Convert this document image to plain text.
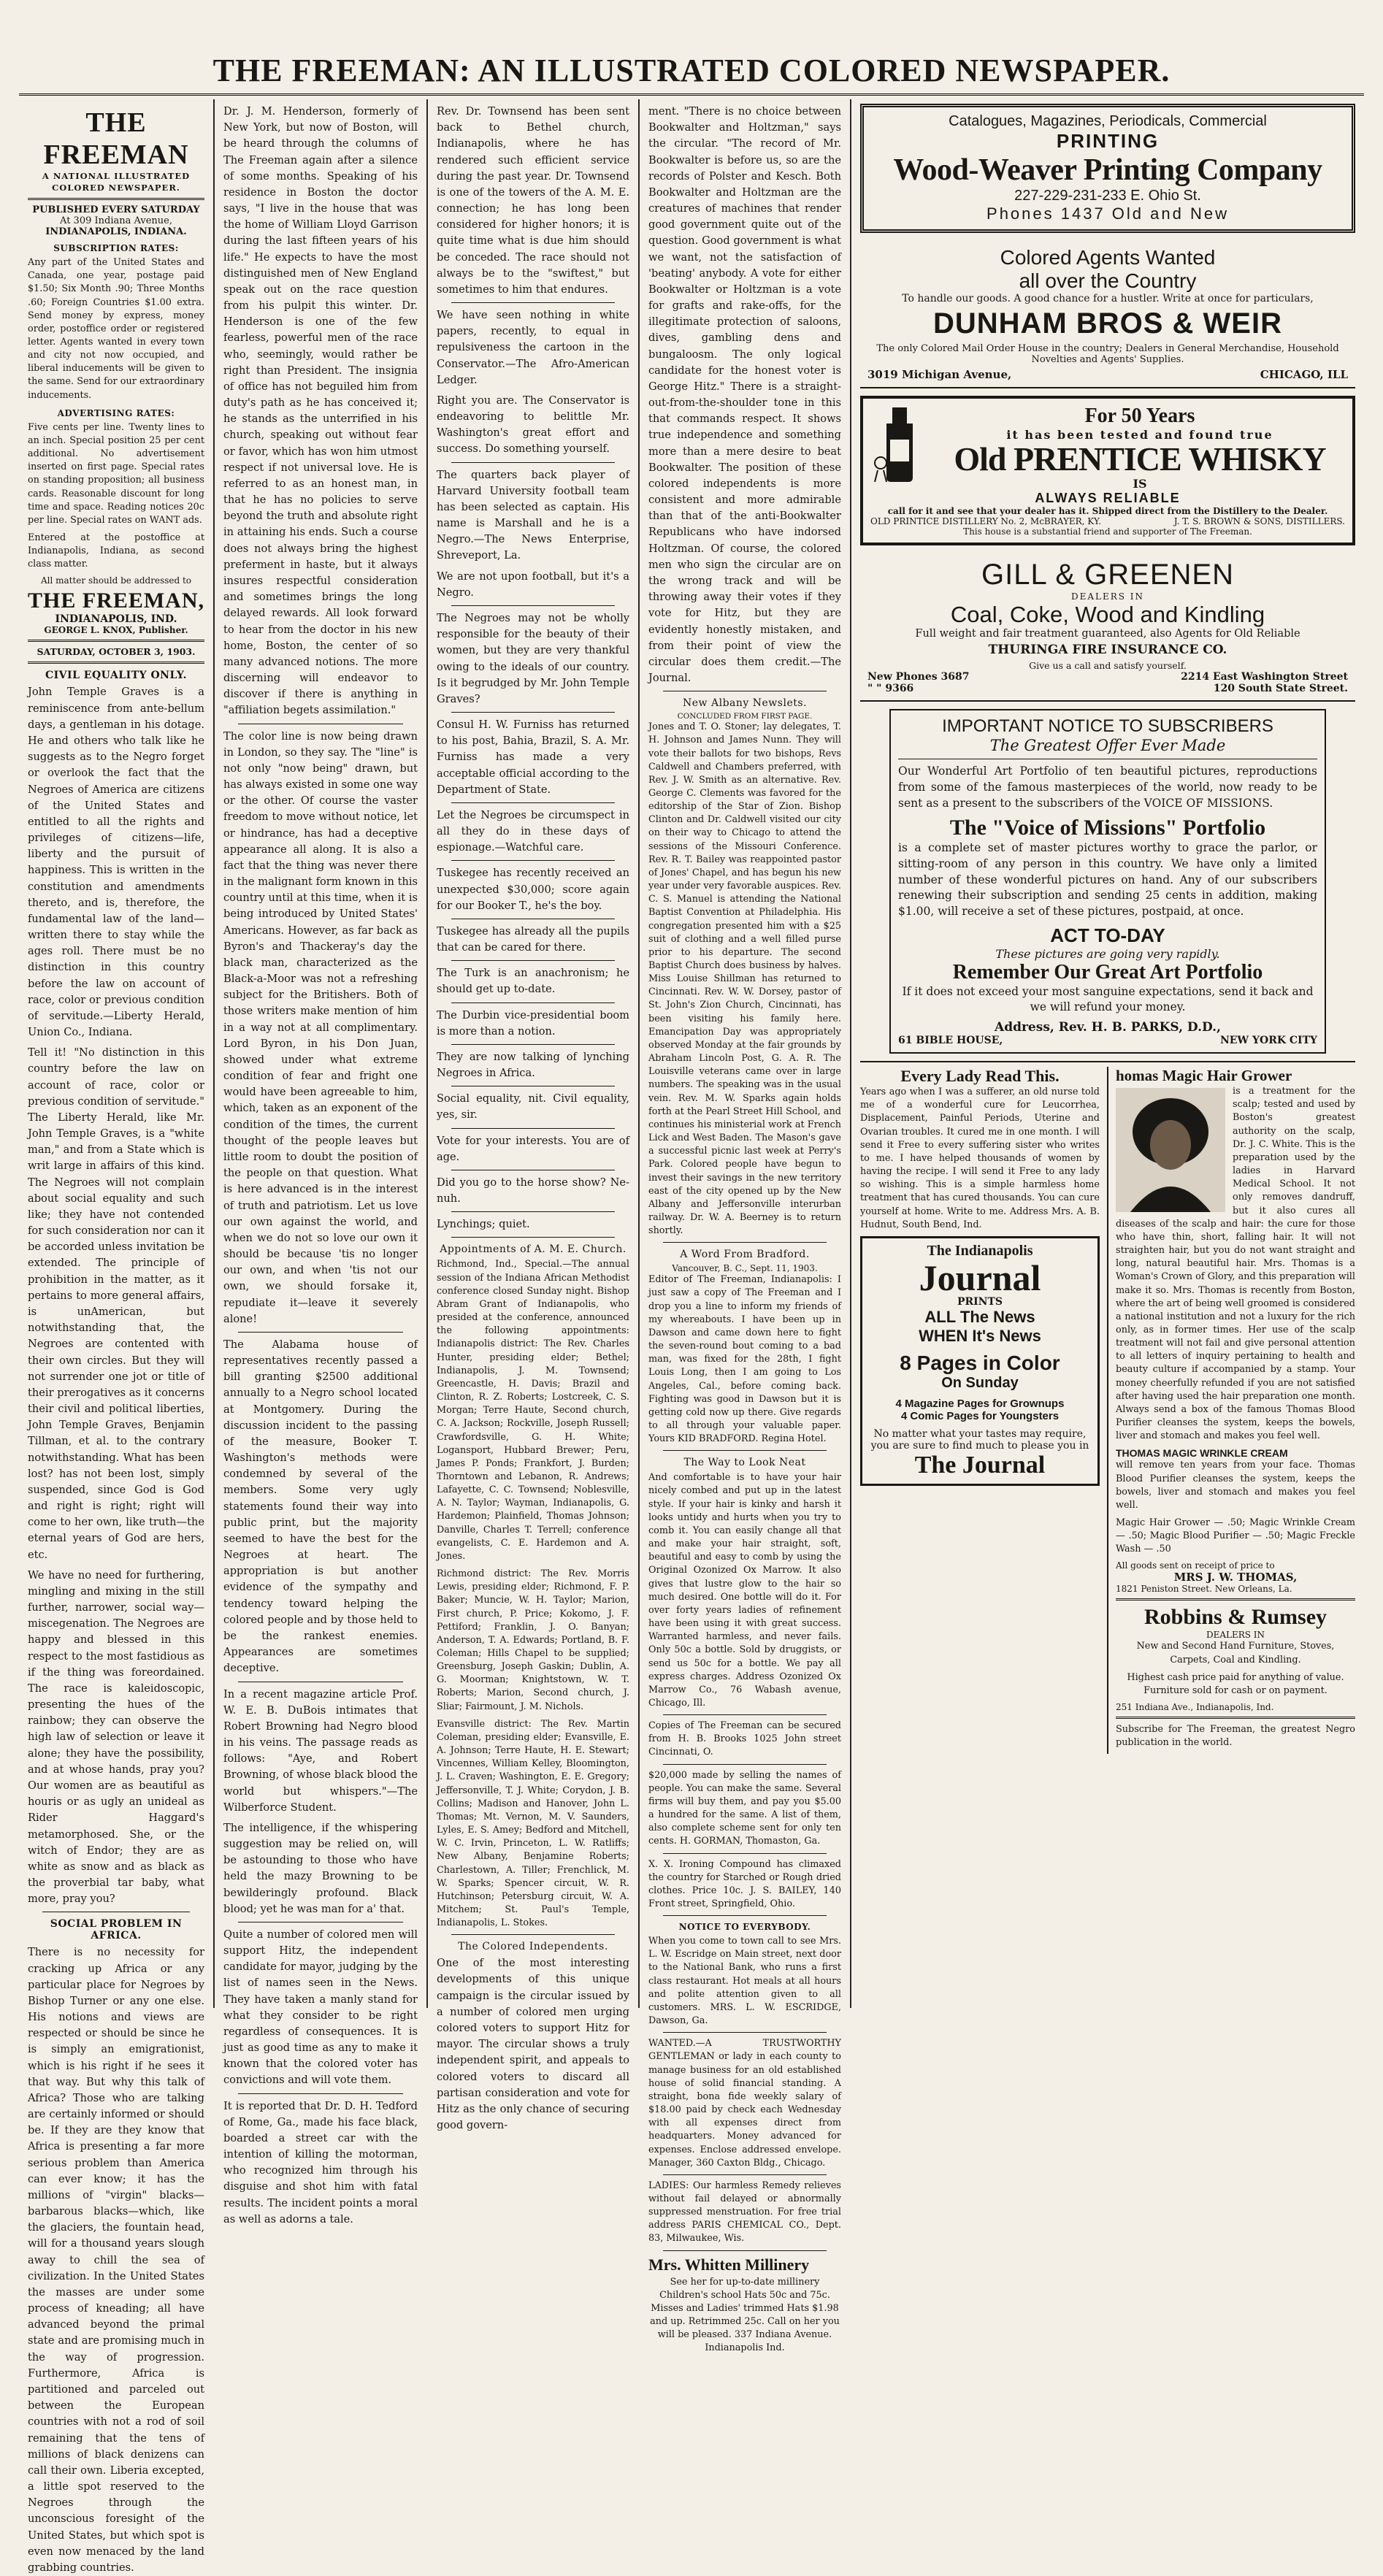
THE FREEMAN: AN ILLUSTRATED COLORED NEWSPAPER.
THE FREEMAN
A NATIONAL ILLUSTRATED
COLORED NEWSPAPER.
PUBLISHED EVERY SATURDAY
At 309 Indiana Avenue,
INDIANAPOLIS, INDIANA.
SUBSCRIPTION RATES:

Any part of the United States and Canada, one year, postage paid $1.50; Six Month .90; Three Months .60; Foreign Countries $1.00 extra. Send money by express, money order, postoffice order or registered letter. Agents wanted in every town and city not now occupied, and liberal inducements will be given to the same. Send for our extraordinary inducements.

ADVERTISING RATES:

Five cents per line. Twenty lines to an inch. Special position 25 per cent additional. No advertisement inserted on first page. Special rates on standing proposition; all business cards. Reasonable discount for long time and space. Reading notices 20c per line. Special rates on WANT ads.

Entered at the postoffice at Indianapolis, Indiana, as second class matter.

All matter should be addressed to
THE FREEMAN,
INDIANAPOLIS, IND.
GEORGE L. KNOX, Publisher.
SATURDAY, OCTOBER 3, 1903.
CIVIL EQUALITY ONLY.

John Temple Graves is a reminiscence from ante-bellum days, a gentleman in his dotage. He and others who talk like he suggests as to the Negro forget or overlook the fact that the Negroes of America are citizens of the United States and entitled to all the rights and privileges of citizens—life, liberty and the pursuit of happiness. This is written in the constitution and amendments thereto, and is, therefore, the fundamental law of the land—written there to stay while the ages roll. There must be no distinction in this country before the law on account of race, color or previous condition of servitude.—Liberty Herald, Union Co., Indiana.

Tell it! "No distinction in this country before the law on account of race, color or previous condition of servitude." The Liberty Herald, like Mr. John Temple Graves, is a "white man," and from a State which is writ large in affairs of this kind. The Negroes will not complain about social equality and such like; they have not contended for such consideration nor can it be accorded unless invitation be extended. The principle of prohibition in the matter, as it pertains to more general affairs, is unAmerican, but notwithstanding that, the Negroes are contented with their own circles. But they will not surrender one jot or title of their prerogatives as it concerns their civil and political liberties, John Temple Graves, Benjamin Tillman, et al. to the contrary notwithstanding. What has been lost? has not been lost, simply suspended, since God is God and right is right; right will come to her own, like truth—the eternal years of God are hers, etc.

We have no need for furthering, mingling and mixing in the still further, narrower, social way—miscegenation. The Negroes are happy and blessed in this respect to the most fastidious as if the thing was foreordained. The race is kaleidoscopic, presenting the hues of the rainbow; they can observe the high law of selection or leave it alone; they have the possibility, and at whose hands, pray you? Our women are as beautiful as houris or as ugly an unideal as Rider Haggard's metamorphosed. She, or the witch of Endor; they are as white as snow and as black as the proverbial tar baby, what more, pray you?

SOCIAL PROBLEM IN AFRICA.

There is no necessity for cracking up Africa or any particular place for Negroes by Bishop Turner or any one else. His notions and views are respected or should be since he is simply an emigrationist, which is his right if he sees it that way. But why this talk of Africa? Those who are talking are certainly informed or should be. If they are they know that Africa is presenting a far more serious problem than America can ever know; it has the millions of "virgin" blacks—barbarous blacks—which, like the glaciers, the fountain head, will for a thousand years slough away to chill the sea of civilization. In the United States the masses are under some process of kneading; all have advanced beyond the primal state and are promising much in the way of progression. Furthermore, Africa is partitioned and parceled out between the European countries with not a rod of soil remaining that the tens of millions of black denizens can call their own. Liberia excepted, a little spot reserved to the Negroes through the unconscious foresight of the United States, but which spot is even now menaced by the land grabbing countries.

Dr. J. M. Henderson, formerly of New York, but now of Boston, will be heard through the columns of The Freeman again after a silence of some months. Speaking of his residence in Boston the doctor says, "I live in the house that was the home of William Lloyd Garrison during the last fifteen years of his life." He expects to have the most distinguished men of New England speak out on the race question from his pulpit this winter. Dr. Henderson is one of the few fearless, powerful men of the race who, seemingly, would rather be right than President. The insignia of office has not beguiled him from duty's path as he has conceived it; he stands as the unterrified in his church, speaking out without fear or favor, which has won him utmost respect if not universal love. He is referred to as an honest man, in that he has no policies to serve beyond the truth and absolute right in attaining his ends. Such a course does not always bring the highest preferment in haste, but it always insures respectful consideration and sometimes brings the long delayed rewards. All look forward to hear from the doctor in his new home, Boston, the center of so many advanced notions. The more discerning will endeavor to discover if there is anything in "affiliation begets assimilation."

The color line is now being drawn in London, so they say. The "line" is not only "now being" drawn, but has always existed in some one way or the other. Of course the vaster freedom to move without notice, let or hindrance, has had a deceptive appearance all along. It is also a fact that the thing was never there in the malignant form known in this country until at this time, when it is being introduced by United States' Americans. However, as far back as Byron's and Thackeray's day the black man, characterized as the Black-a-Moor was not a refreshing subject for the Britishers. Both of those writers make mention of him in a way not at all complimentary. Lord Byron, in his Don Juan, showed under what extreme condition of fear and fright one would have been agreeable to him, which, taken as an exponent of the condition of the times, the current thought of the people leaves but little room to doubt the position of the people on that question. What is here advanced is in the interest of truth and patriotism. Let us love our own against the world, and when we do not so love our own it should be because 'tis no longer our own, and when 'tis not our own, we should forsake it, repudiate it—leave it severely alone!

The Alabama house of representatives recently passed a bill granting $2500 additional annually to a Negro school located at Montgomery. During the discussion incident to the passing of the measure, Booker T. Washington's methods were condemned by several of the members. Some very ugly statements found their way into public print, but the majority seemed to have the best for the Negroes at heart. The appropriation is but another evidence of the sympathy and tendency toward helping the colored people and by those held to be the rankest enemies. Appearances are sometimes deceptive.

In a recent magazine article Prof. W. E. B. DuBois intimates that Robert Browning had Negro blood in his veins. The passage reads as follows: "Aye, and Robert Browning, of whose black blood the world but whispers."—The Wilberforce Student.

The intelligence, if the whispering suggestion may be relied on, will be astounding to those who have held the mazy Browning to be bewilderingly profound. Black blood; yet he was man for a' that.

Quite a number of colored men will support Hitz, the independent candidate for mayor, judging by the list of names seen in the News. They have taken a manly stand for what they consider to be right regardless of consequences. It is just as good time as any to make it known that the colored voter has convictions and will vote them.

It is reported that Dr. D. H. Tedford of Rome, Ga., made his face black, boarded a street car with the intention of killing the motorman, who recognized him through his disguise and shot him with fatal results. The incident points a moral as well as adorns a tale.

Rev. Dr. Townsend has been sent back to Bethel church, Indianapolis, where he has rendered such efficient service during the past year. Dr. Townsend is one of the towers of the A. M. E. connection; he has long been considered for higher honors; it is quite time what is due him should be conceded. The race should not always be to the "swiftest," but sometimes to him that endures.

We have seen nothing in white papers, recently, to equal in repulsiveness the cartoon in the Conservator.—The Afro-American Ledger.

Right you are. The Conservator is endeavoring to belittle Mr. Washington's great effort and success. Do something yourself.

The quarters back player of Harvard University football team has been selected as captain. His name is Marshall and he is a Negro.—The News Enterprise, Shreveport, La.

We are not upon football, but it's a Negro.

The Negroes may not be wholly responsible for the beauty of their women, but they are very thankful owing to the ideals of our country. Is it begrudged by Mr. John Temple Graves?

Consul H. W. Furniss has returned to his post, Bahia, Brazil, S. A. Mr. Furniss has made a very acceptable official according to the Department of State.

Let the Negroes be circumspect in all they do in these days of espionage.—Watchful care.

Tuskegee has recently received an unexpected $30,000; score again for our Booker T., he's the boy.

Tuskegee has already all the pupils that can be cared for there.

The Turk is an anachronism; he should get up to-date.

The Durbin vice-presidential boom is more than a notion.

They are now talking of lynching Negroes in Africa.

Social equality, nit. Civil equality, yes, sir.

Vote for your interests. You are of age.

Did you go to the horse show? Ne-nuh.

Lynchings; quiet.

Appointments of A. M. E. Church.

Richmond, Ind., Special.—The annual session of the Indiana African Methodist conference closed Sunday night. Bishop Abram Grant of Indianapolis, who presided at the conference, announced the following appointments: Indianapolis district: The Rev. Charles Hunter, presiding elder; Bethel; Indianapolis, J. M. Townsend; Greencastle, H. Davis; Brazil and Clinton, R. Z. Roberts; Lostcreek, C. S. Morgan; Terre Haute, Second church, C. A. Jackson; Rockville, Joseph Russell; Crawfordsville, G. H. White; Logansport, Hubbard Brewer; Peru, James P. Ponds; Frankfort, J. Burden; Thorntown and Lebanon, R. Andrews; Lafayette, C. C. Townsend; Noblesville, A. N. Taylor; Wayman, Indianapolis, G. Hardemon; Plainfield, Thomas Johnson; Danville, Charles T. Terrell; conference evangelists, C. E. Hardemon and A. Jones.

Richmond district: The Rev. Morris Lewis, presiding elder; Richmond, F. P. Baker; Muncie, W. H. Taylor; Marion, First church, P. Price; Kokomo, J. F. Pettiford; Franklin, J. O. Banyan; Anderson, T. A. Edwards; Portland, B. F. Coleman; Hills Chapel to be supplied; Greensburg, Joseph Gaskin; Dublin, A. G. Moorman; Knightstown, W. T. Roberts; Marion, Second church, J. Sliar; Fairmount, J. M. Nichols.

Evansville district: The Rev. Martin Coleman, presiding elder; Evansville, E. A. Johnson; Terre Haute, H. E. Stewart; Vincennes, William Kelley, Bloomington, J. L. Craven; Washington, E. E. Gregory; Jeffersonville, T. J. White; Corydon, J. B. Collins; Madison and Hanover, John L. Thomas; Mt. Vernon, M. V. Saunders, Lyles, E. S. Amey; Bedford and Mitchell, W. C. Irvin, Princeton, L. W. Ratliffs; New Albany, Benjamine Roberts; Charlestown, A. Tiller; Frenchlick, M. W. Sparks; Spencer circuit, W. R. Hutchinson; Petersburg circuit, W. A. Mitchem; St. Paul's Temple, Indianapolis, L. Stokes.

The Colored Independents.

One of the most interesting developments of this unique campaign is the circular issued by a number of colored men urging colored voters to support Hitz for mayor. The circular shows a truly independent spirit, and appeals to colored voters to discard all partisan consideration and vote for Hitz as the only chance of securing good govern-

ment. "There is no choice between Bookwalter and Holtzman," says the circular. "The record of Mr. Bookwalter is before us, so are the records of Polster and Kesch. Both Bookwalter and Holtzman are the creatures of machines that render good government quite out of the question. Good government is what we want, not the satisfaction of 'beating' anybody. A vote for either Bookwalter or Holtzman is a vote for grafts and rake-offs, for the illegitimate protection of saloons, dives, gambling dens and bungaloosm. The only logical candidate for the honest voter is George Hitz." There is a straight-out-from-the-shoulder tone in this that commands respect. It shows true independence and something more than a mere desire to beat Bookwalter. The position of these colored independents is more consistent and more admirable than that of the anti-Bookwalter Republicans who have indorsed Holtzman. Of course, the colored men who sign the circular are on the wrong track and will be throwing away their votes if they vote for Hitz, but they are evidently honestly mistaken, and from their point of view the circular does them credit.—The Journal.

New Albany Newslets.
CONCLUDED FROM FIRST PAGE.

Jones and T. O. Stoner; lay delegates, T. H. Johnson and James Nunn. They will vote their ballots for two bishops, Revs Caldwell and Chambers preferred, with Rev. J. W. Smith as an alternative. Rev. George C. Clements was favored for the editorship of the Star of Zion. Bishop Clinton and Dr. Caldwell visited our city on their way to Chicago to attend the sessions of the Missouri Conference. Rev. R. T. Bailey was reappointed pastor of Jones' Chapel, and has begun his new year under very favorable auspices. Rev. C. S. Manuel is attending the National Baptist Convention at Philadelphia. His congregation presented him with a $25 suit of clothing and a well filled purse prior to his departure. The second Baptist Church does business by halves. Miss Louise Shillman has returned to Cincinnati. Rev. W. W. Dorsey, pastor of St. John's Zion Church, Cincinnati, has been visiting his family here. Emancipation Day was appropriately observed Monday at the fair grounds by Abraham Lincoln Post, G. A. R. The Louisville veterans came over in large numbers. The speaking was in the usual vein. Rev. M. W. Sparks again holds forth at the Pearl Street Hill School, and continues his ministerial work at French Lick and West Baden. The Mason's gave a successful picnic last week at Perry's Park. Colored people have begun to invest their savings in the new territory east of the city opened up by the New Albany and Jeffersonville interurban railway. Dr. W. A. Beerney is to return shortly.

A Word From Bradford.
Vancouver, B. C., Sept. 11, 1903.

Editor of The Freeman, Indianapolis: I just saw a copy of The Freeman and I drop you a line to inform my friends of my whereabouts. I have been up in Dawson and came down here to fight the seven-round bout coming to a bad man, was fixed for the 28th, I fight Louis Long, then I am going to Los Angeles, Cal., before coming back. Fighting was good in Dawson but it is getting cold now up there. Give regards to all through your valuable paper. Yours KID BRADFORD. Regina Hotel.

The Way to Look Neat

And comfortable is to have your hair nicely combed and put up in the latest style. If your hair is kinky and harsh it looks untidy and hurts when you try to comb it. You can easily change all that and make your hair straight, soft, beautiful and easy to comb by using the Original Ozonized Ox Marrow. It also gives that lustre glow to the hair so much desired. One bottle will do it. For over forty years ladies of refinement have been using it with great success. Warranted harmless, and never fails. Only 50c a bottle. Sold by druggists, or send us 50c for a bottle. We pay all express charges. Address Ozonized Ox Marrow Co., 76 Wabash avenue, Chicago, Ill.

Copies of The Freeman can be secured from H. B. Brooks 1025 John street Cincinnati, O.

$20,000 made by selling the names of people. You can make the same. Several firms will buy them, and pay you $5.00 a hundred for the same. A list of them, also complete scheme sent for only ten cents. H. GORMAN, Thomaston, Ga.

X. X. Ironing Compound has climaxed the country for Starched or Rough dried clothes. Price 10c. J. S. BAILEY, 140 Front street, Springfield, Ohio.

NOTICE TO EVERYBODY.

When you come to town call to see Mrs. L. W. Escridge on Main street, next door to the National Bank, who runs a first class restaurant. Hot meals at all hours and polite attention given to all customers. MRS. L. W. ESCRIDGE, Dawson, Ga.

WANTED.—A TRUSTWORTHY GENTLEMAN or lady in each county to manage business for an old established house of solid financial standing. A straight, bona fide weekly salary of $18.00 paid by check each Wednesday with all expenses direct from headquarters. Money advanced for expenses. Enclose addressed envelope. Manager, 360 Caxton Bldg., Chicago.

LADIES: Our harmless Remedy relieves without fail delayed or abnormally suppressed menstruation. For free trial address PARIS CHEMICAL CO., Dept. 83, Milwaukee, Wis.

Mrs. Whitten Millinery

See her for up-to-date millinery Children's school Hats 50c and 75c. Misses and Ladies' trimmed Hats $1.98 and up. Retrimmed 25c. Call on her you will be pleased. 337 Indiana Avenue. Indianapolis Ind.

Catalogues, Magazines, Periodicals, Commercial
PRINTING
Wood-Weaver Printing Company
227-229-231-233 E. Ohio St.
Phones 1437 Old and New
Colored Agents Wanted
all over the Country
To handle our goods. A good chance for a hustler. Write at once for particulars,
DUNHAM BROS & WEIR
The only Colored Mail Order House in the country; Dealers in General Merchandise, Household Novelties and Agents' Supplies.
3019 Michigan Avenue,	CHICAGO, ILL
For 50 Years
it has been tested and found true
Old PRENTICE WHISKY
IS
ALWAYS RELIABLE
call for it and see that your dealer has it. Shipped direct from the Distillery to the Dealer.
OLD PRINTICE DISTILLERY No. 2, McBRAYER, KY.	J. T. S. BROWN & SONS, DISTILLERS.
This house is a substantial friend and supporter of The Freeman.
GILL & GREENEN
DEALERS IN
Coal, Coke, Wood and Kindling
Full weight and fair treatment guaranteed, also Agents for Old Reliable
THURINGA FIRE INSURANCE CO.
Give us a call and satisfy yourself.
New Phones 3687	2214 East Washington Street
" " 9366	120 South State Street.
IMPORTANT NOTICE TO SUBSCRIBERS
The Greatest Offer Ever Made

Our Wonderful Art Portfolio of ten beautiful pictures, reproductions from some of the famous masterpieces of the world, now ready to be sent as a present to the subscribers of the VOICE OF MISSIONS.

The "Voice of Missions" Portfolio

is a complete set of master pictures worthy to grace the parlor, or sitting-room of any person in this country. We have only a limited number of these wonderful pictures on hand. Any of our subscribers renewing their subscription and sending 25 cents in addition, making $1.00, will receive a set of these pictures, postpaid, at once.

ACT TO-DAY
These pictures are going very rapidly.
Remember Our Great Art Portfolio

If it does not exceed your most sanguine expectations, send it back and we will refund your money.

Address, Rev. H. B. PARKS, D.D.,
61 BIBLE HOUSE,	NEW YORK CITY
Every Lady Read This.

Years ago when I was a sufferer, an old nurse told me of a wonderful cure for Leucorrhea, Displacement, Painful Periods, Uterine and Ovarian troubles. It cured me in one month. I will send it Free to every suffering sister who writes to me. I have helped thousands of women by having the recipe. I will send it Free to any lady so wishing. This is a simple harmless home treatment that has cured thousands. You can cure yourself at home. Write to me. Address Mrs. A. B. Hudnut, South Bend, Ind.

The Indianapolis
Journal
PRINTS
ALL The News
WHEN It's News
8 Pages in Color
On Sunday
4 Magazine Pages for Grownups
4 Comic Pages for Youngsters
No matter what your tastes may require, you are sure to find much to please you in
The Journal
homas Magic Hair Grower

is a treatment for the scalp; tested and used by Boston's greatest authority on the scalp, Dr. J. C. White. This is the preparation used by the ladies in Harvard Medical School. It not only removes dandruff, but it also cures all diseases of the scalp and hair: the cure for those who have thin, short, falling hair. It will not straighten hair, but you do not want straight and long, natural beautiful hair. Mrs. Thomas is a Woman's Crown of Glory, and this preparation will make it so. Mrs. Thomas is recently from Boston, where the art of being well groomed is considered a national institution and not a luxury for the rich only, as in former times. Her use of the scalp treatment will not fail and give personal attention to all letters of inquiry pertaining to health and beauty culture if accompanied by a stamp. Your money cheerfully refunded if you are not satisfied after having used the hair preparation one month. Always send a box of the famous Thomas Blood Purifier cleanses the system, keeps the bowels, liver and stomach and makes you feel well.

THOMAS MAGIC WRINKLE CREAM

will remove ten years from your face. Thomas Blood Purifier cleanses the system, keeps the bowels, liver and stomach and makes you feel well.

Magic Hair Grower — .50; Magic Wrinkle Cream — .50; Magic Blood Purifier — .50; Magic Freckle Wash — .50

All goods sent on receipt of price to
MRS J. W. THOMAS,
1821 Peniston Street. New Orleans, La.
Robbins & Rumsey
DEALERS IN

New and Second Hand Furniture, Stoves, Carpets, Coal and Kindling.

Highest cash price paid for anything of value. Furniture sold for cash or on payment.

251 Indiana Ave., Indianapolis, Ind.

Subscribe for The Freeman, the greatest Negro publication in the world.
